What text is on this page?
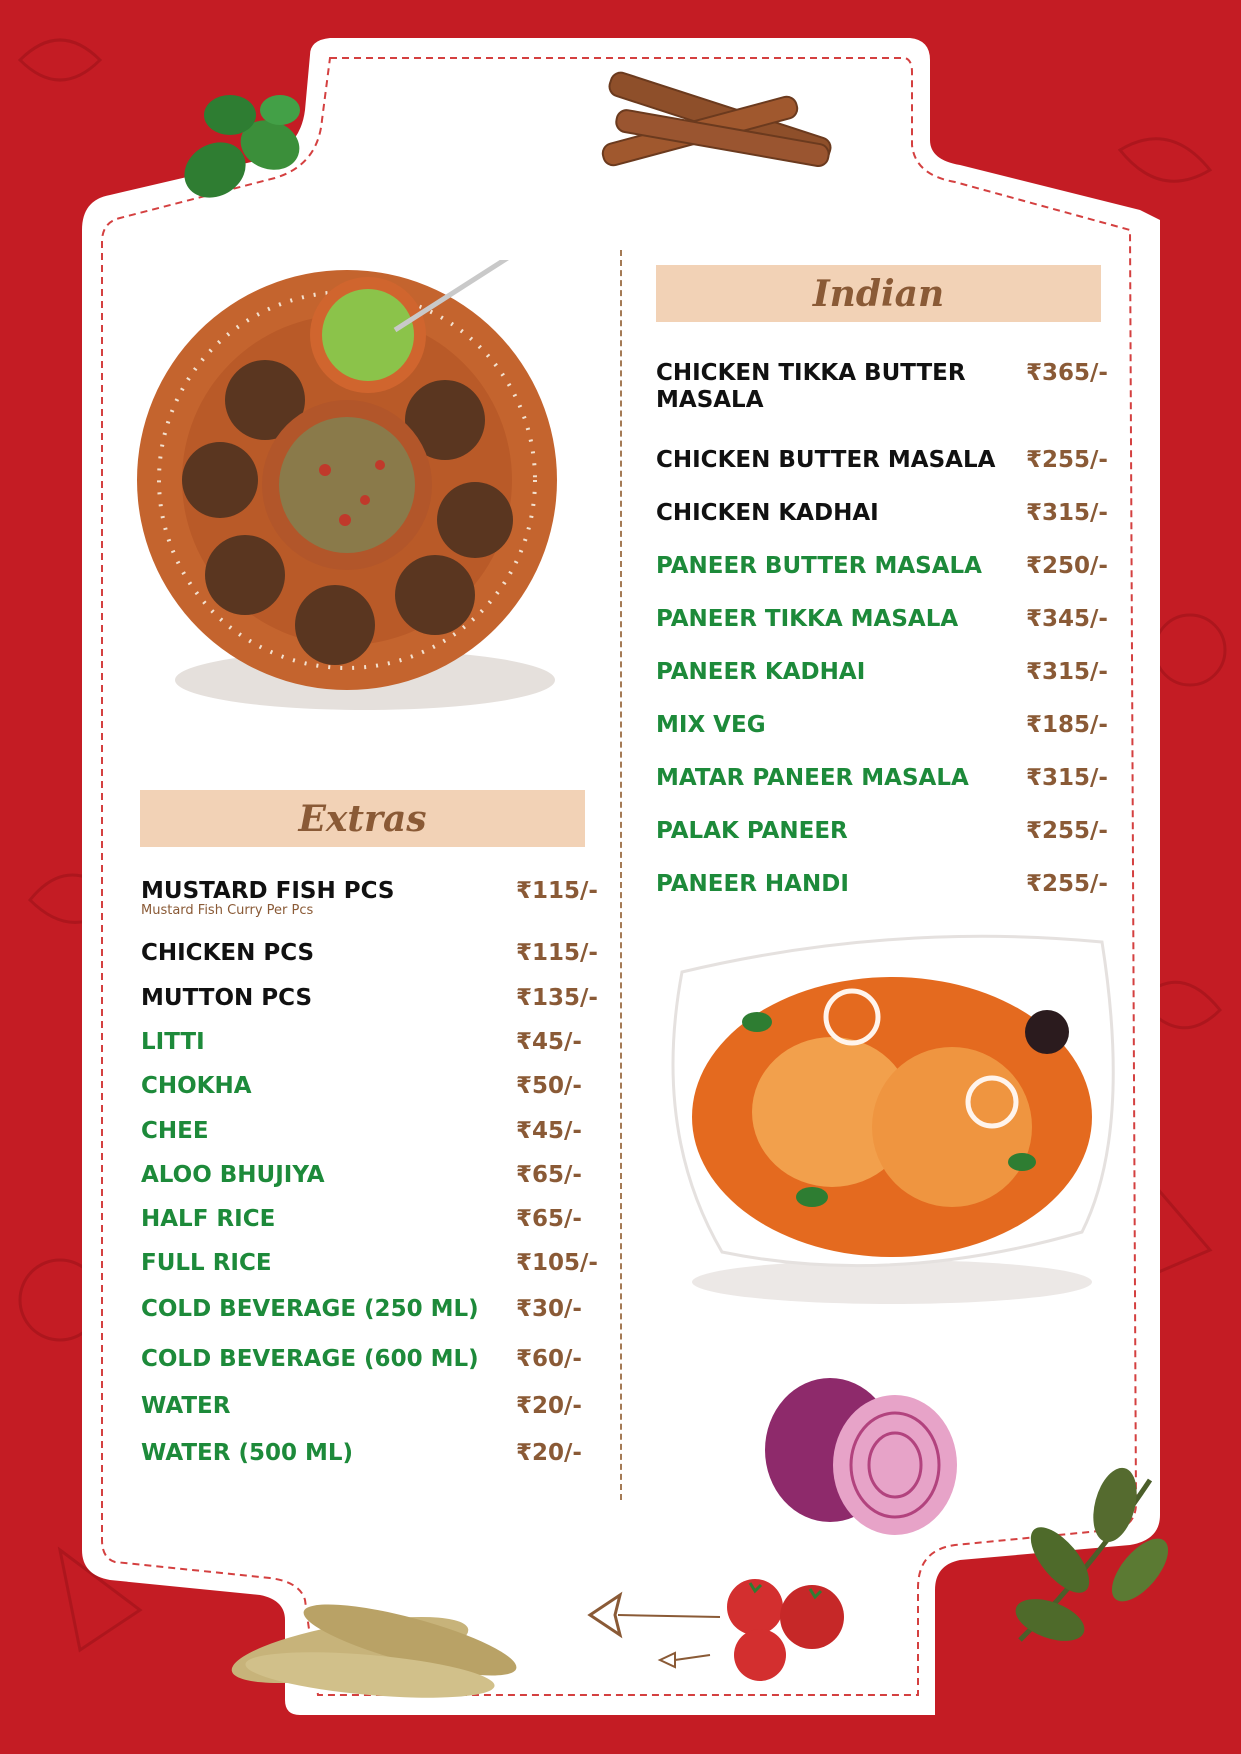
Extras
MUSTARD FISH PCS	₹115/-
Mustard Fish Curry Per Pcs
CHICKEN PCS	₹115/-
MUTTON PCS	₹135/-
LITTI	₹45/-
CHOKHA	₹50/-
CHEE	₹45/-
ALOO BHUJIYA	₹65/-
HALF RICE	₹65/-
FULL RICE	₹105/-
COLD BEVERAGE (250 ML) ₹30/-
COLD BEVERAGE (600 ML) ₹60/-
WATER	₹20/-
WATER (500 ML)	₹20/-
Indian
CHICKEN TIKKA BUTTER	₹365/-
MASALA
CHICKEN BUTTER MASALA ₹255/-
CHICKEN KADHAI	₹315/-
PANEER BUTTER MASALA ₹250/-
PANEER TIKKA MASALA	₹345/-
PANEER KADHAI	₹315/-
MIX VEG	₹185/-
MATAR PANEER MASALA ₹315/-
PALAK PANEER	₹255/-
PANEER HANDI	₹255/-
